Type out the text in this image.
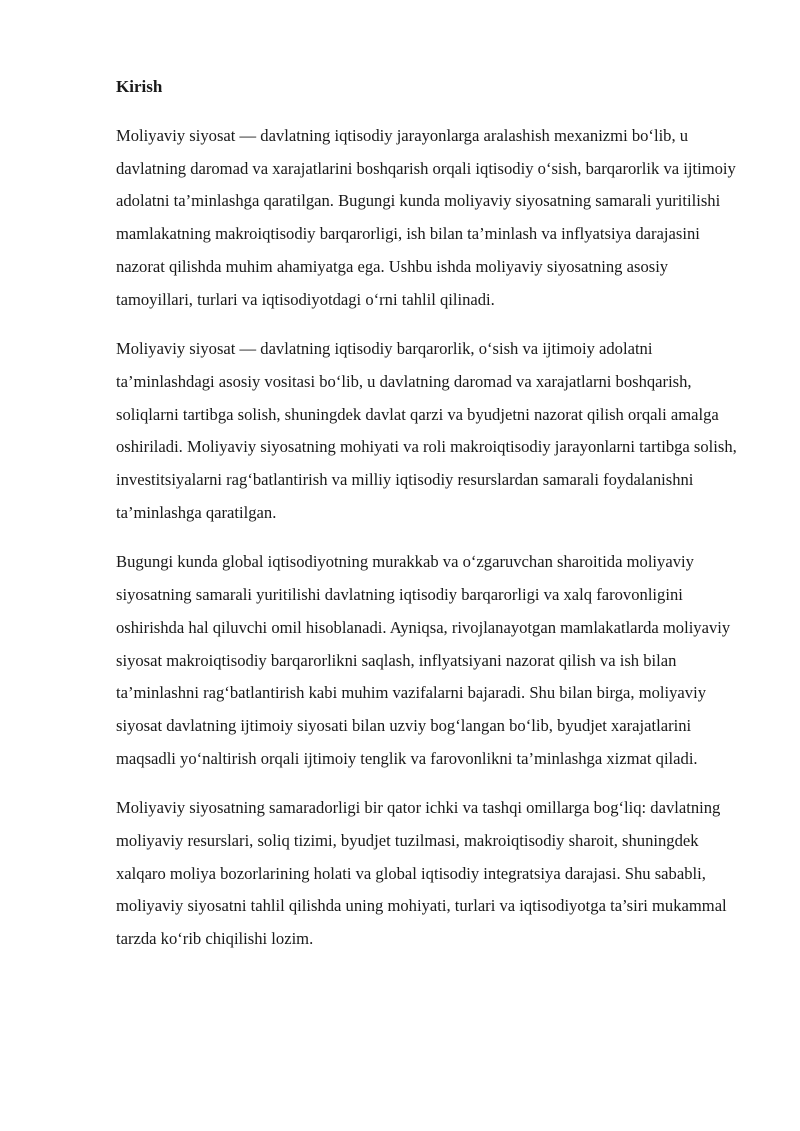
Kirish

Moliyaviy siyosat — davlatning iqtisodiy jarayonlarga aralashish mexanizmi bo‘lib, u davlatning daromad va xarajatlarini boshqarish orqali iqtisodiy o‘sish, barqarorlik va ijtimoiy adolatni ta’minlashga qaratilgan. Bugungi kunda moliyaviy siyosatning samarali yuritilishi mamlakatning makroiqtisodiy barqarorligi, ish bilan ta’minlash va inflyatsiya darajasini nazorat qilishda muhim ahamiyatga ega. Ushbu ishda moliyaviy siyosatning asosiy tamoyillari, turlari va iqtisodiyotdagi o‘rni tahlil qilinadi.

Moliyaviy siyosat — davlatning iqtisodiy barqarorlik, o‘sish va ijtimoiy adolatni ta’minlashdagi asosiy vositasi bo‘lib, u davlatning daromad va xarajatlarni boshqarish, soliqlarni tartibga solish, shuningdek davlat qarzi va byudjetni nazorat qilish orqali amalga oshiriladi. Moliyaviy siyosatning mohiyati va roli makroiqtisodiy jarayonlarni tartibga solish, investitsiyalarni rag‘batlantirish va milliy iqtisodiy resurslardan samarali foydalanishni ta’minlashga qaratilgan.

Bugungi kunda global iqtisodiyotning murakkab va o‘zgaruvchan sharoitida moliyaviy siyosatning samarali yuritilishi davlatning iqtisodiy barqarorligi va xalq farovonligini oshirishda hal qiluvchi omil hisoblanadi. Ayniqsa, rivojlanayotgan mamlakatlarda moliyaviy siyosat makroiqtisodiy barqarorlikni saqlash, inflyatsiyani nazorat qilish va ish bilan ta’minlashni rag‘batlantirish kabi muhim vazifalarni bajaradi. Shu bilan birga, moliyaviy siyosat davlatning ijtimoiy siyosati bilan uzviy bog‘langan bo‘lib, byudjet xarajatlarini maqsadli yo‘naltirish orqali ijtimoiy tenglik va farovonlikni ta’minlashga xizmat qiladi.

Moliyaviy siyosatning samaradorligi bir qator ichki va tashqi omillarga bog‘liq: davlatning moliyaviy resurslari, soliq tizimi, byudjet tuzilmasi, makroiqtisodiy sharoit, shuningdek xalqaro moliya bozorlarining holati va global iqtisodiy integratsiya darajasi. Shu sababli, moliyaviy siyosatni tahlil qilishda uning mohiyati, turlari va iqtisodiyotga ta’siri mukammal tarzda ko‘rib chiqilishi lozim.
